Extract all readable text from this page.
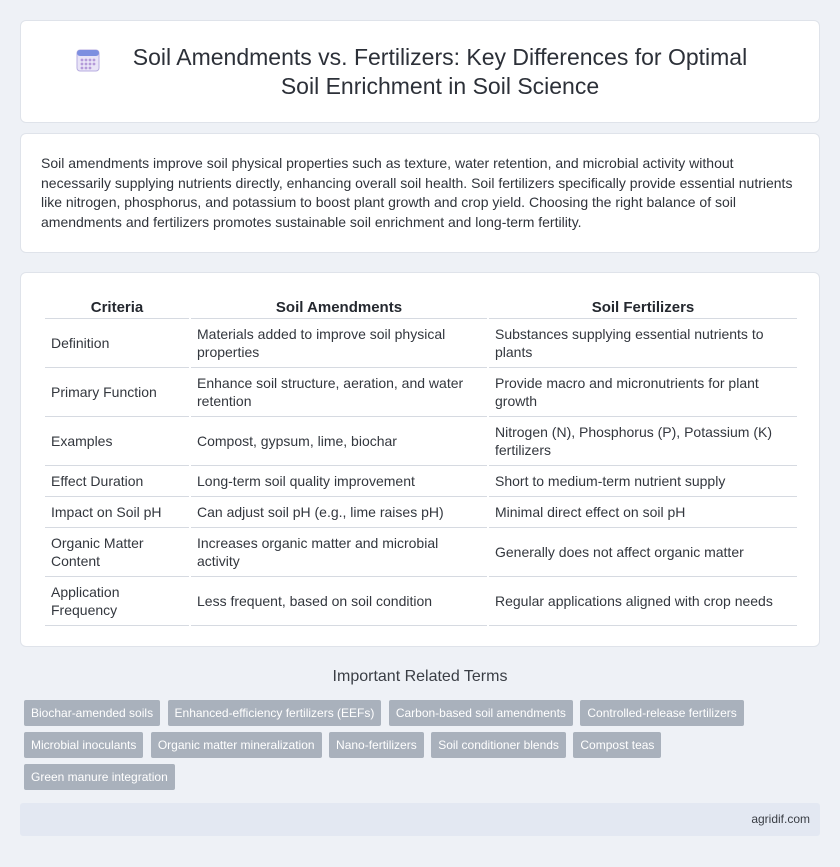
Soil Amendments vs. Fertilizers: Key Differences for Optimal Soil Enrichment in Soil Science

Soil amendments improve soil physical properties such as texture, water retention, and microbial activity without necessarily supplying nutrients directly, enhancing overall soil health. Soil fertilizers specifically provide essential nutrients like nitrogen, phosphorus, and potassium to boost plant growth and crop yield. Choosing the right balance of soil amendments and fertilizers promotes sustainable soil enrichment and long-term fertility.

Criteria	Soil Amendments	Soil Fertilizers
Definition	Materials added to improve soil physical properties	Substances supplying essential nutrients to plants
Primary Function	Enhance soil structure, aeration, and water retention	Provide macro and micronutrients for plant growth
Examples	Compost, gypsum, lime, biochar	Nitrogen (N), Phosphorus (P), Potassium (K) fertilizers
Effect Duration	Long-term soil quality improvement	Short to medium-term nutrient supply
Impact on Soil pH	Can adjust soil pH (e.g., lime raises pH)	Minimal direct effect on soil pH
Organic Matter Content	Increases organic matter and microbial activity	Generally does not affect organic matter
Application Frequency	Less frequent, based on soil condition	Regular applications aligned with crop needs
Important Related Terms
Biochar-amended soils Enhanced-efficiency fertilizers (EEFs) Carbon-based soil amendments Controlled-release fertilizers Microbial inoculants Organic matter mineralization Nano-fertilizers Soil conditioner blends Compost teas Green manure integration
agridif.com
